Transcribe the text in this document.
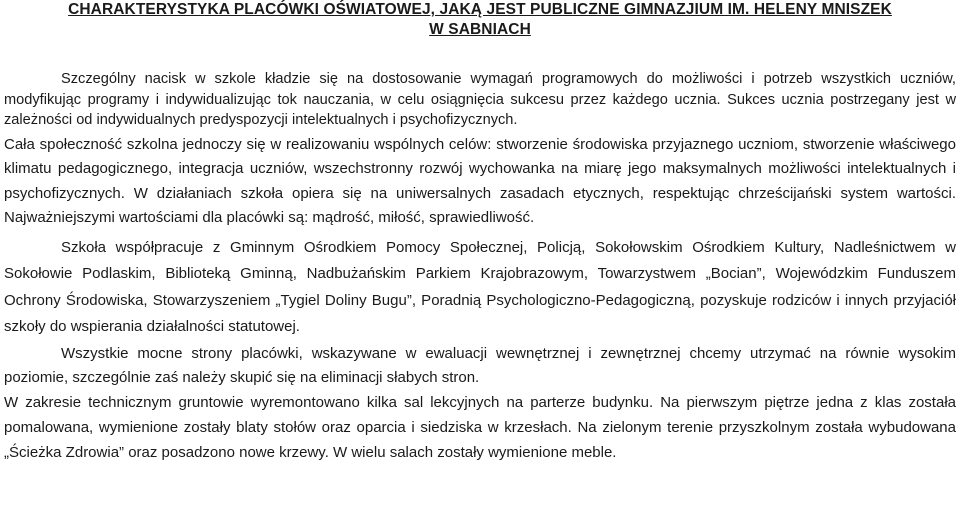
CHARAKTERYSTYKA PLACÓWKI OŚWIATOWEJ, JAKĄ JEST PUBLICZNE GIMNAZJIUM IM. HELENY MNISZEK
W SABNIACH

Szczególny nacisk w szkole kładzie się na dostosowanie wymagań programowych do możliwości i potrzeb wszystkich uczniów, modyfikując programy i indywidualizując tok nauczania, w celu osiągnięcia sukcesu przez każdego ucznia. Sukces ucznia postrzegany jest w zależności od indywidualnych predyspozycji intelektualnych i psychofizycznych.

Cała społeczność szkolna jednoczy się w realizowaniu wspólnych celów: stworzenie środowiska przyjaznego uczniom, stworzenie właściwego klimatu pedagogicznego, integracja uczniów, wszechstronny rozwój wychowanka na miarę jego maksymalnych możliwości intelektualnych i psychofizycznych. W działaniach szkoła opiera się na uniwersalnych zasadach etycznych, respektując chrześcijański system wartości. Najważniejszymi wartościami dla placówki są: mądrość, miłość, sprawiedliwość.

Szkoła współpracuje z Gminnym Ośrodkiem Pomocy Społecznej, Policją, Sokołowskim Ośrodkiem Kultury, Nadleśnictwem w Sokołowie Podlaskim, Biblioteką Gminną, Nadbużańskim Parkiem Krajobrazowym, Towarzystwem „Bocian”, Wojewódzkim Funduszem Ochrony Środowiska, Stowarzyszeniem „Tygiel Doliny Bugu”, Poradnią Psychologiczno-Pedagogiczną, pozyskuje rodziców i innych przyjaciół szkoły do wspierania działalności statutowej.

Wszystkie mocne strony placówki, wskazywane w ewaluacji wewnętrznej i zewnętrznej chcemy utrzymać na równie wysokim poziomie, szczególnie zaś należy skupić się na eliminacji słabych stron.

W zakresie technicznym gruntowie wyremontowano kilka sal lekcyjnych na parterze budynku. Na pierwszym piętrze jedna z klas została pomalowana, wymienione zostały blaty stołów oraz oparcia i siedziska w krzesłach. Na zielonym terenie przyszkolnym została wybudowana „Ścieżka Zdrowia” oraz posadzono nowe krzewy. W wielu salach zostały wymienione meble.
